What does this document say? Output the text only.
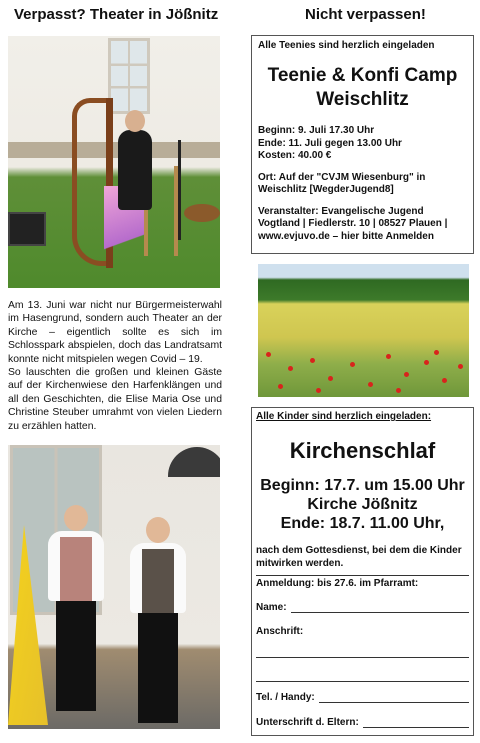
Verpasst? Theater in Jößnitz	Nicht verpassen!

Am 13. Juni war nicht nur Bürgermeisterwahl im Hasengrund, sondern auch Theater an der Kirche – eigentlich sollte es sich im Schlosspark abspielen, doch das Landratsamt konnte nicht mitspielen wegen Covid – 19.

So lauschten die großen und kleinen Gäste auf der Kirchenwiese den Harfenklängen und all den Geschichten, die Elise Maria Ose und Christine Steuber umrahmt von vielen Liedern zu erzählen hatten.

Alle Teenies sind herzlich eingeladen
Teenie & Konfi Camp
Weischlitz
Beginn: 9. Juli 17.30 Uhr
Ende: 11. Juli gegen 13.00 Uhr
Kosten: 40.00 €
Ort: Auf der "CVJM Wiesenburg" in Weischlitz [WegderJugend8]
Veranstalter: Evangelische Jugend Vogtland | Fiedlerstr. 10 | 08527 Plauen | www.evjuvo.de – hier bitte Anmelden
Alle Kinder sind herzlich eingeladen:
Kirchenschlaf
Beginn: 17.7. um 15.00 Uhr
Kirche Jößnitz
Ende: 18.7. 11.00 Uhr,
nach dem Gottesdienst, bei dem die Kinder mitwirken werden.
Anmeldung: bis 27.6. im Pfarramt:
Name:
Anschrift:
Tel. / Handy:
Unterschrift d. Eltern:
